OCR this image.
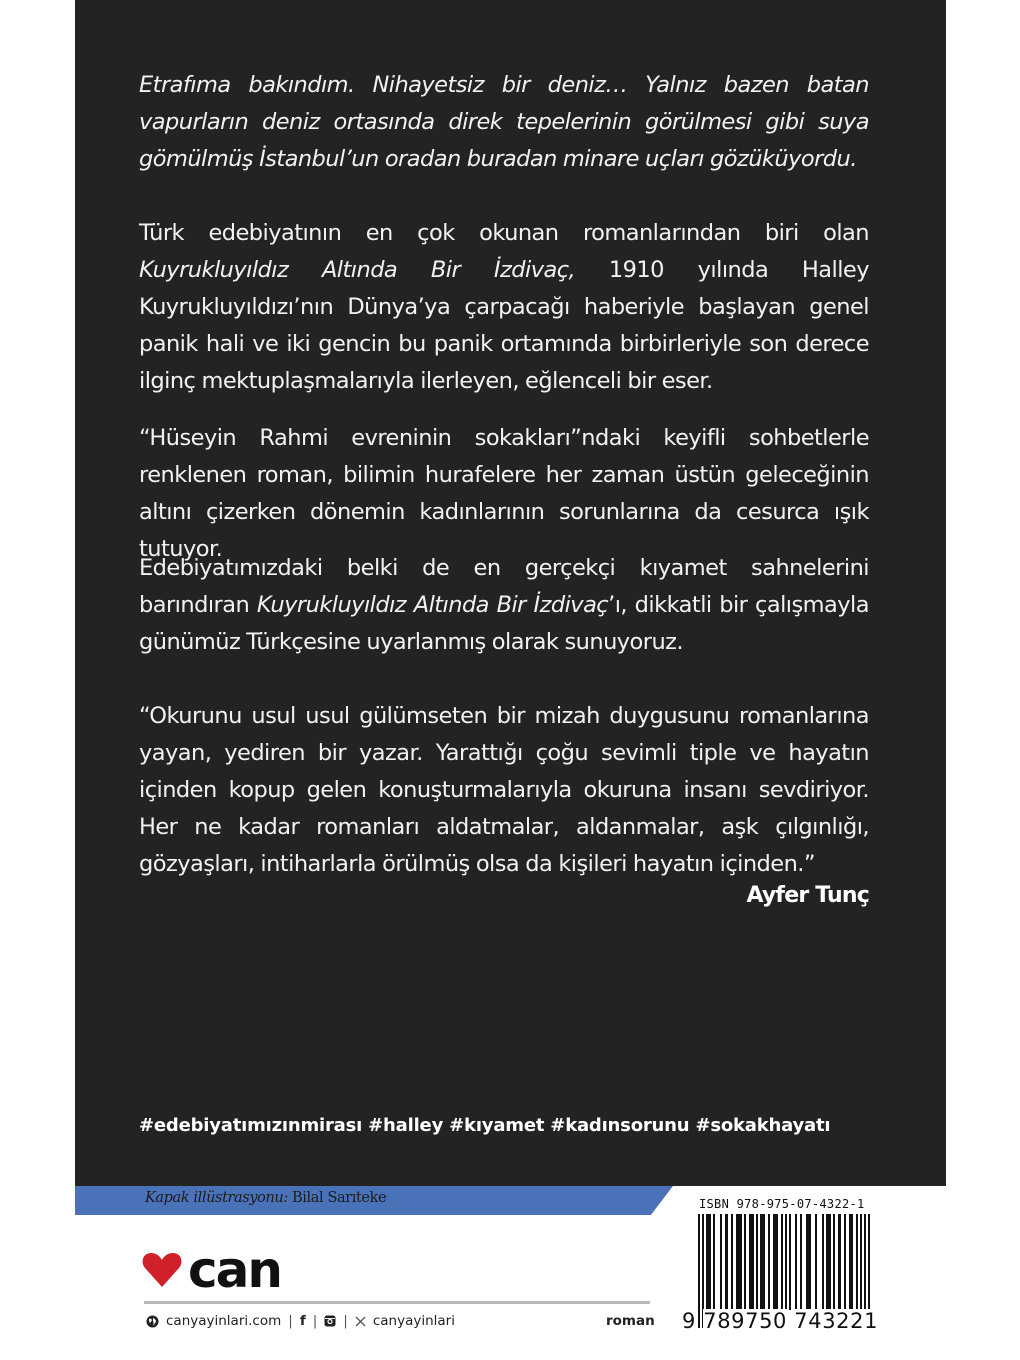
Etrafıma bakındım. Nihayetsiz bir deniz… Yalnız bazen batan vapurların deniz ortasında direk tepelerinin görülmesi gibi suya gömülmüş İstanbul’un oradan buradan minare uçları gözüküyordu.

Türk edebiyatının en çok okunan romanlarından biri olan Kuyrukluyıldız Altında Bir İzdivaç, 1910 yılında Halley Kuyrukluyıldızı’nın Dünya’ya çarpacağı haberiyle başlayan genel panik hali ve iki gencin bu panik ortamında birbirleriyle son derece ilginç mektuplaşmalarıyla ilerleyen, eğlenceli bir eser.

“Hüseyin Rahmi evreninin sokakları”ndaki keyifli sohbetlerle renklenen roman, bilimin hurafelere her zaman üstün geleceğinin altını çizerken dönemin kadınlarının sorunlarına da cesurca ışık tutuyor.

Edebiyatımızdaki belki de en gerçekçi kıyamet sahnelerini barındıran Kuyrukluyıldız Altında Bir İzdivaç’ı, dikkatli bir çalışmayla günümüz Türkçesine uyarlanmış olarak sunuyoruz.

“Okurunu usul usul gülümseten bir mizah duygusunu romanlarına yayan, yediren bir yazar. Yarattığı çoğu sevimli tiple ve hayatın içinden kopup gelen konuşturmalarıyla okuruna insanı sevdiriyor. Her ne kadar romanları aldatmalar, aldanmalar, aşk çılgınlığı, gözyaşları, intiharlarla örülmüş olsa da kişileri hayatın içinden.”

Ayfer Tunç
#edebiyatımızınmirası #halley #kıyamet #kadınsorunu #sokakhayatı
Kapak illüstrasyonu: Bilal Sarıteke
can
canyayinlari.com | f | | canyayinlari	roman
ISBN 978-975-07-4322-1
9 789750 743221
